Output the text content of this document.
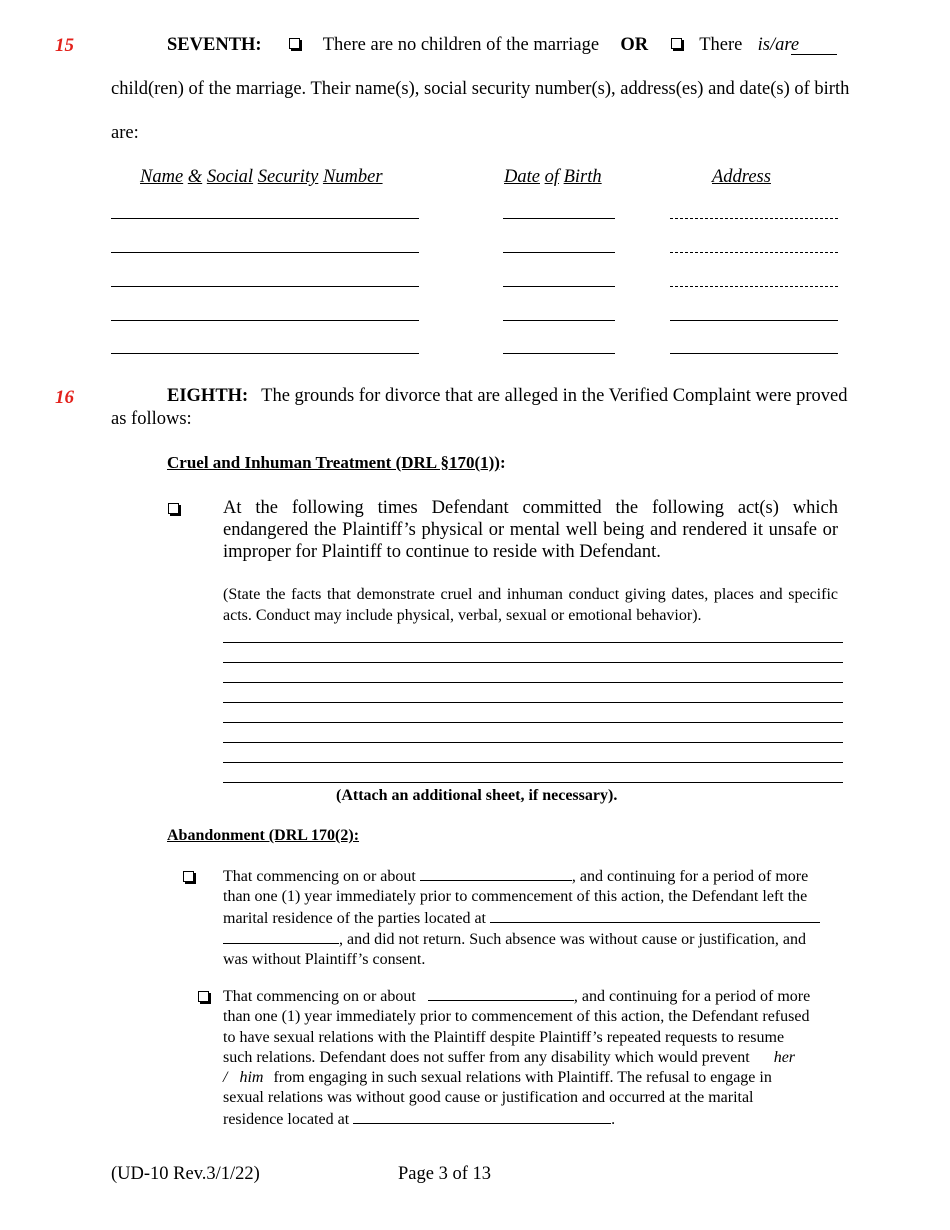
15	SEVENTH:	There are no children of the marriage OR	There is/are
child(ren) of the marriage. Their name(s), social security number(s), address(es) and date(s) of birth
are:
Name & Social Security Number	Date of Birth	Address
16	EIGHTH: The grounds for divorce that are alleged in the Verified Complaint were proved
as follows:
Cruel and Inhuman Treatment (DRL §170(1)):

At the following times Defendant committed the following act(s) which endangered the Plaintiff’s physical or mental well being and rendered it unsafe or improper for Plaintiff to continue to reside with Defendant.
(State the facts that demonstrate cruel and inhuman conduct giving dates, places and specific acts. Conduct may include physical, verbal, sexual or emotional behavior).
(Attach an additional sheet, if necessary).
Abandonment (DRL 170(2):

That commencing on or about	, and continuing for a period of more
than one (1) year immediately prior to commencement of this action, the Defendant left the
marital residence of the parties located at
, and did not return. Such absence was without cause or justification, and
was without Plaintiff’s consent.
That commencing on or about	, and continuing for a period of more
than one (1) year immediately prior to commencement of this action, the Defendant refused
to have sexual relations with the Plaintiff despite Plaintiff’s repeated requests to resume
such relations. Defendant does not suffer from any disability which would prevent her
/ him from engaging in such sexual relations with Plaintiff. The refusal to engage in
sexual relations was without good cause or justification and occurred at the marital
residence located at	.
(UD-10 Rev.3/1/22)	Page 3 of 13
